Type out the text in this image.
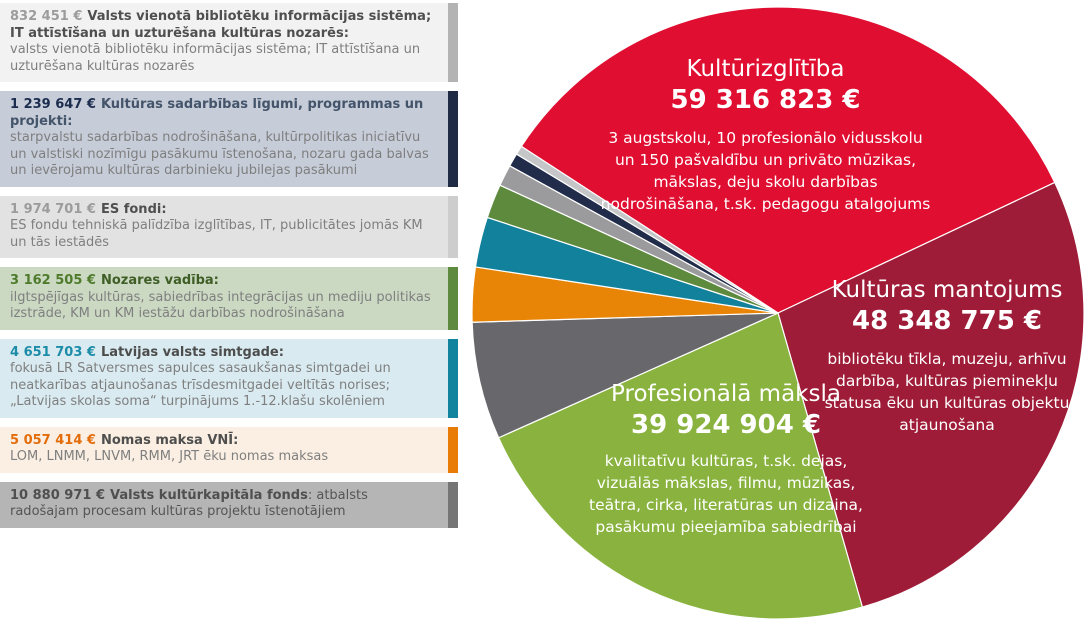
Kultūrizglītība
59 316 823 €
3 augstskolu, 10 profesionālo vidusskolu un 150 pašvaldību un privāto mūzikas, mākslas, deju skolu darbības nodrošināšana, t.sk. pedagogu atalgojums
Kultūras mantojums
48 348 775 €
bibliotēku tīkla, muzeju, arhīvu darbība, kultūras pieminekļu statusa ēku un kultūras objektu atjaunošana
Profesionālā māksla
39 924 904 €
kvalitatīvu kultūras, t.sk. dejas, vizuālās mākslas, filmu, mūzikas, teātra, cirka, literatūras un dizaina, pasākumu pieejamība sabiedrībai
832 451 € Valsts vienotā bibliotēku informācijas sistēma; IT attīstīšana un uzturēšana kultūras nozarēs:
valsts vienotā bibliotēku informācijas sistēma; IT attīstīšana un uzturēšana kultūras nozarēs
1 239 647 € Kultūras sadarbības līgumi, programmas un projekti:
starpvalstu sadarbības nodrošināšana, kultūrpolitikas iniciatīvu un valstiski nozīmīgu pasākumu īstenošana, nozaru gada balvas un ievērojamu kultūras darbinieku jubilejas pasākumi
1 974 701 € ES fondi:
ES fondu tehniskā palīdzība izglītības, IT, publicitātes jomās KM un tās iestādēs
3 162 505 € Nozares vadība:
ilgtspējīgas kultūras, sabiedrības integrācijas un mediju politikas izstrāde, KM un KM iestāžu darbības nodrošināšana
4 651 703 € Latvijas valsts simtgade:
fokusā LR Satversmes sapulces sasaukšanas simtgadei un neatkarības atjaunošanas trīsdesmitgadei veltītās norises; „Latvijas skolas soma“ turpinājums 1.-12.klašu skolēniem
5 057 414 € Nomas maksa VNĪ:
LOM, LNMM, LNVM, RMM, JRT ēku nomas maksas
10 880 971 € Valsts kultūrkapitāla fonds: atbalsts radošajam procesam kultūras projektu īstenotājiem
